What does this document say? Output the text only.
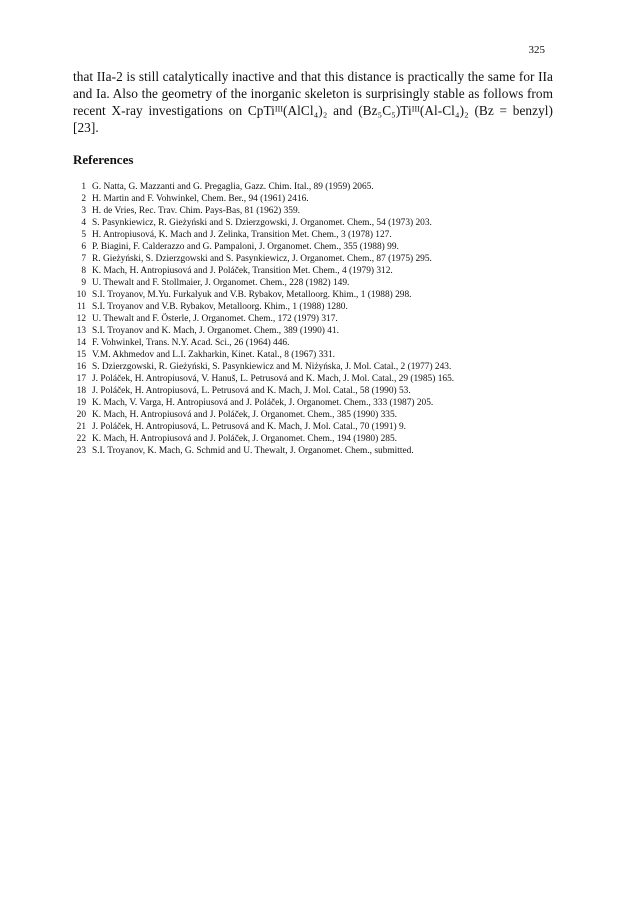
325

that IIa-2 is still catalytically inactive and that this distance is practically the same for IIa and Ia. Also the geometry of the inorganic skeleton is surprisingly stable as follows from recent X-ray investigations on CpTiᴵᴵᴵ(AlCl₄)₂ and (Bz₅C₅)Tiᴵᴵᴵ(Al-Cl₄)₂ (Bz = benzyl) [23].

References
1 G. Natta, G. Mazzanti and G. Pregaglia, Gazz. Chim. Ital., 89 (1959) 2065.
2 H. Martin and F. Vohwinkel, Chem. Ber., 94 (1961) 2416.
3 H. de Vries, Rec. Trav. Chim. Pays-Bas, 81 (1962) 359.
4 S. Pasynkiewicz, R. Gieżyński and S. Dzierzgowski, J. Organomet. Chem., 54 (1973) 203.
5 H. Antropiusová, K. Mach and J. Zelinka, Transition Met. Chem., 3 (1978) 127.
6 P. Biagini, F. Calderazzo and G. Pampaloni, J. Organomet. Chem., 355 (1988) 99.
7 R. Gieżyński, S. Dzierzgowski and S. Pasynkiewicz, J. Organomet. Chem., 87 (1975) 295.
8 K. Mach, H. Antropiusová and J. Poláček, Transition Met. Chem., 4 (1979) 312.
9 U. Thewalt and F. Stollmaier, J. Organomet. Chem., 228 (1982) 149.
10 S.I. Troyanov, M.Yu. Furkalyuk and V.B. Rybakov, Metalloorg. Khim., 1 (1988) 298.
11 S.I. Troyanov and V.B. Rybakov, Metalloorg. Khim., 1 (1988) 1280.
12 U. Thewalt and F. Österle, J. Organomet. Chem., 172 (1979) 317.
13 S.I. Troyanov and K. Mach, J. Organomet. Chem., 389 (1990) 41.
14 F. Vohwinkel, Trans. N.Y. Acad. Sci., 26 (1964) 446.
15 V.M. Akhmedov and L.I. Zakharkin, Kinet. Katal., 8 (1967) 331.
16 S. Dzierzgowski, R. Gieżyński, S. Pasynkiewicz and M. Niżyńska, J. Mol. Catal., 2 (1977) 243.
17 J. Poláček, H. Antropiusová, V. Hanuš, L. Petrusová and K. Mach, J. Mol. Catal., 29 (1985) 165.
18 J. Poláček, H. Antropiusová, L. Petrusová and K. Mach, J. Mol. Catal., 58 (1990) 53.
19 K. Mach, V. Varga, H. Antropiusová and J. Poláček, J. Organomet. Chem., 333 (1987) 205.
20 K. Mach, H. Antropiusová and J. Poláček, J. Organomet. Chem., 385 (1990) 335.
21 J. Poláček, H. Antropiusová, L. Petrusová and K. Mach, J. Mol. Catal., 70 (1991) 9.
22 K. Mach, H. Antropiusová and J. Poláček, J. Organomet. Chem., 194 (1980) 285.
23 S.I. Troyanov, K. Mach, G. Schmid and U. Thewalt, J. Organomet. Chem., submitted.
